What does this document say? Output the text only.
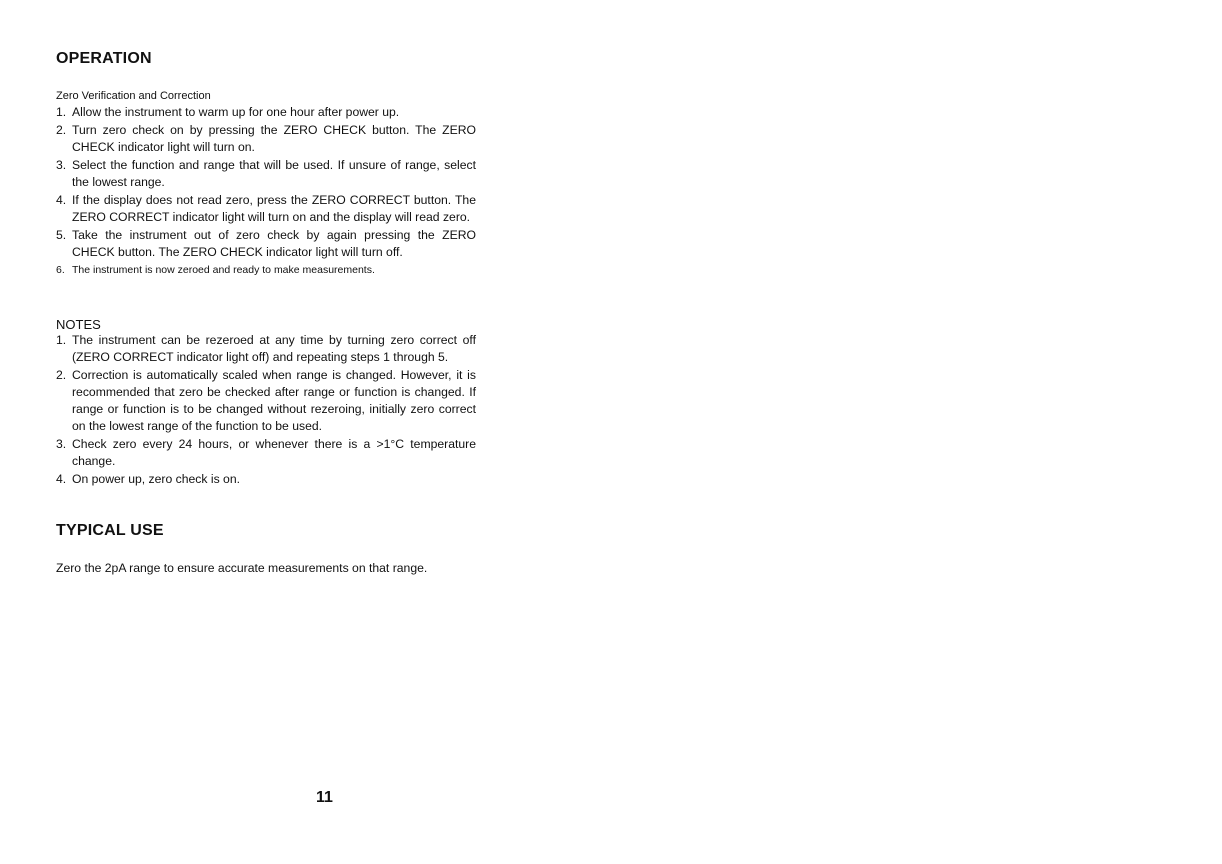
OPERATION
Zero Verification and Correction
1. Allow the instrument to warm up for one hour after power up.
2. Turn zero check on by pressing the ZERO CHECK button. The ZERO CHECK indicator light will turn on.
3. Select the function and range that will be used. If unsure of range, select the lowest range.
4. If the display does not read zero, press the ZERO CORRECT button. The ZERO CORRECT indicator light will turn on and the display will read zero.
5. Take the instrument out of zero check by again pressing the ZERO CHECK button. The ZERO CHECK indicator light will turn off.
6. The instrument is now zeroed and ready to make measurements.
NOTES
1. The instrument can be rezeroed at any time by turning zero correct off (ZERO CORRECT indicator light off) and repeating steps 1 through 5.
2. Correction is automatically scaled when range is changed. However, it is recommended that zero be checked after range or function is changed. If range or function is to be changed without rezeroing, initially zero correct on the lowest range of the function to be used.
3. Check zero every 24 hours, or whenever there is a >1°C temperature change.
4. On power up, zero check is on.
TYPICAL USE
Zero the 2pA range to ensure accurate measurements on that range.
11
